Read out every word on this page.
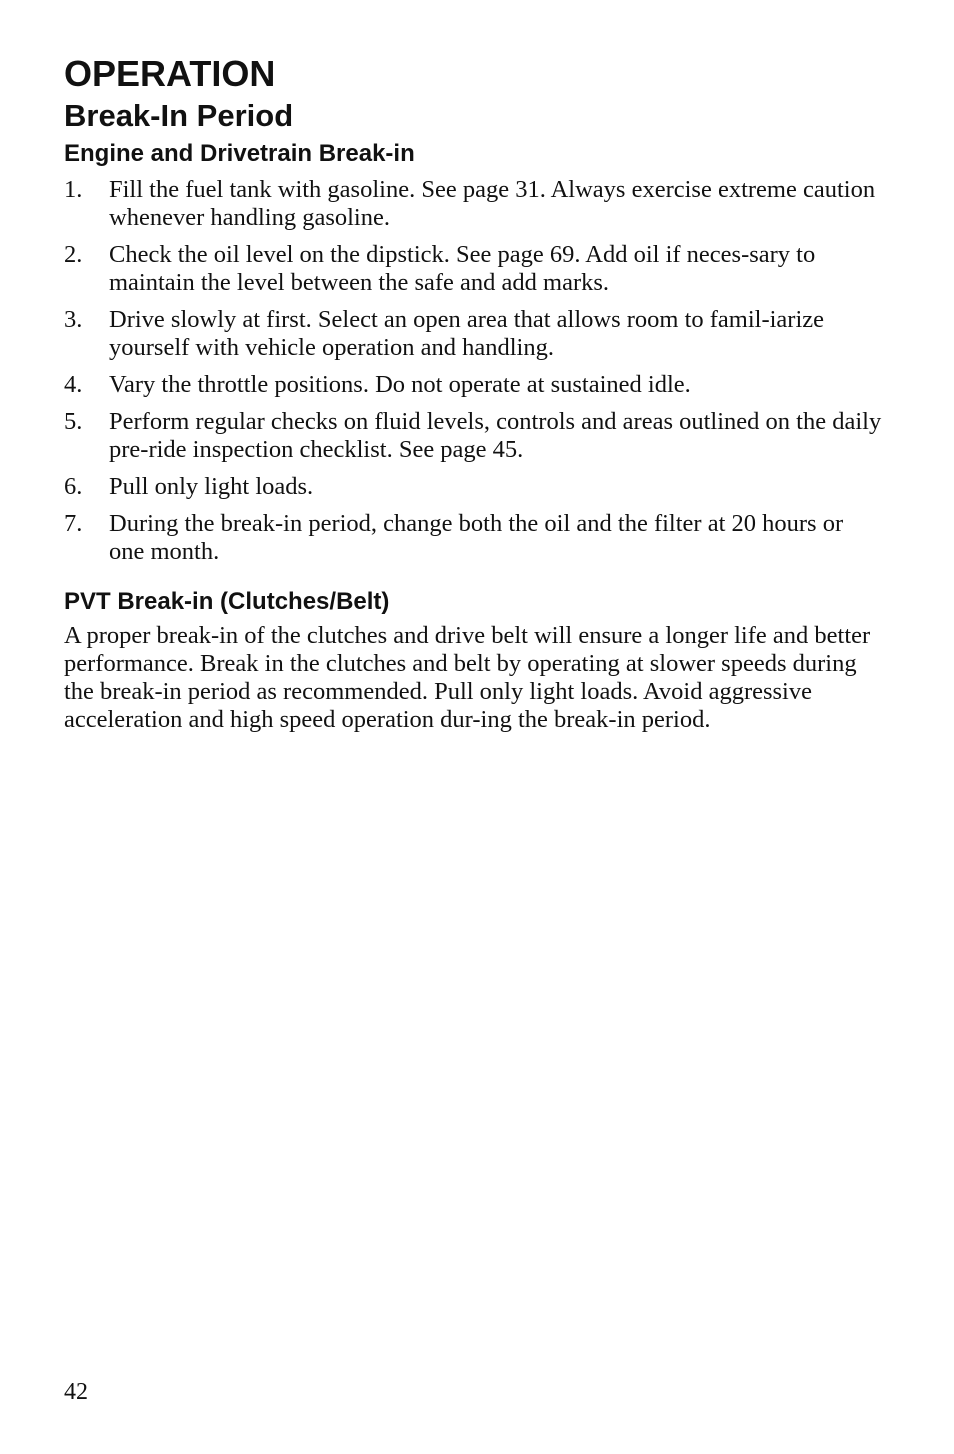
OPERATION
Break-In Period
Engine and Drivetrain Break-in
1. Fill the fuel tank with gasoline. See page 31. Always exercise extreme caution whenever handling gasoline.
2. Check the oil level on the dipstick. See page 69. Add oil if neces-sary to maintain the level between the safe and add marks.
3. Drive slowly at first. Select an open area that allows room to famil-iarize yourself with vehicle operation and handling.
4. Vary the throttle positions. Do not operate at sustained idle.
5. Perform regular checks on fluid levels, controls and areas outlined on the daily pre-ride inspection checklist. See page 45.
6. Pull only light loads.
7. During the break-in period, change both the oil and the filter at 20 hours or one month.
PVT Break-in (Clutches/Belt)

A proper break-in of the clutches and drive belt will ensure a longer life and better performance. Break in the clutches and belt by operating at slower speeds during the break-in period as recommended. Pull only light loads. Avoid aggressive acceleration and high speed operation dur-ing the break-in period.

42
